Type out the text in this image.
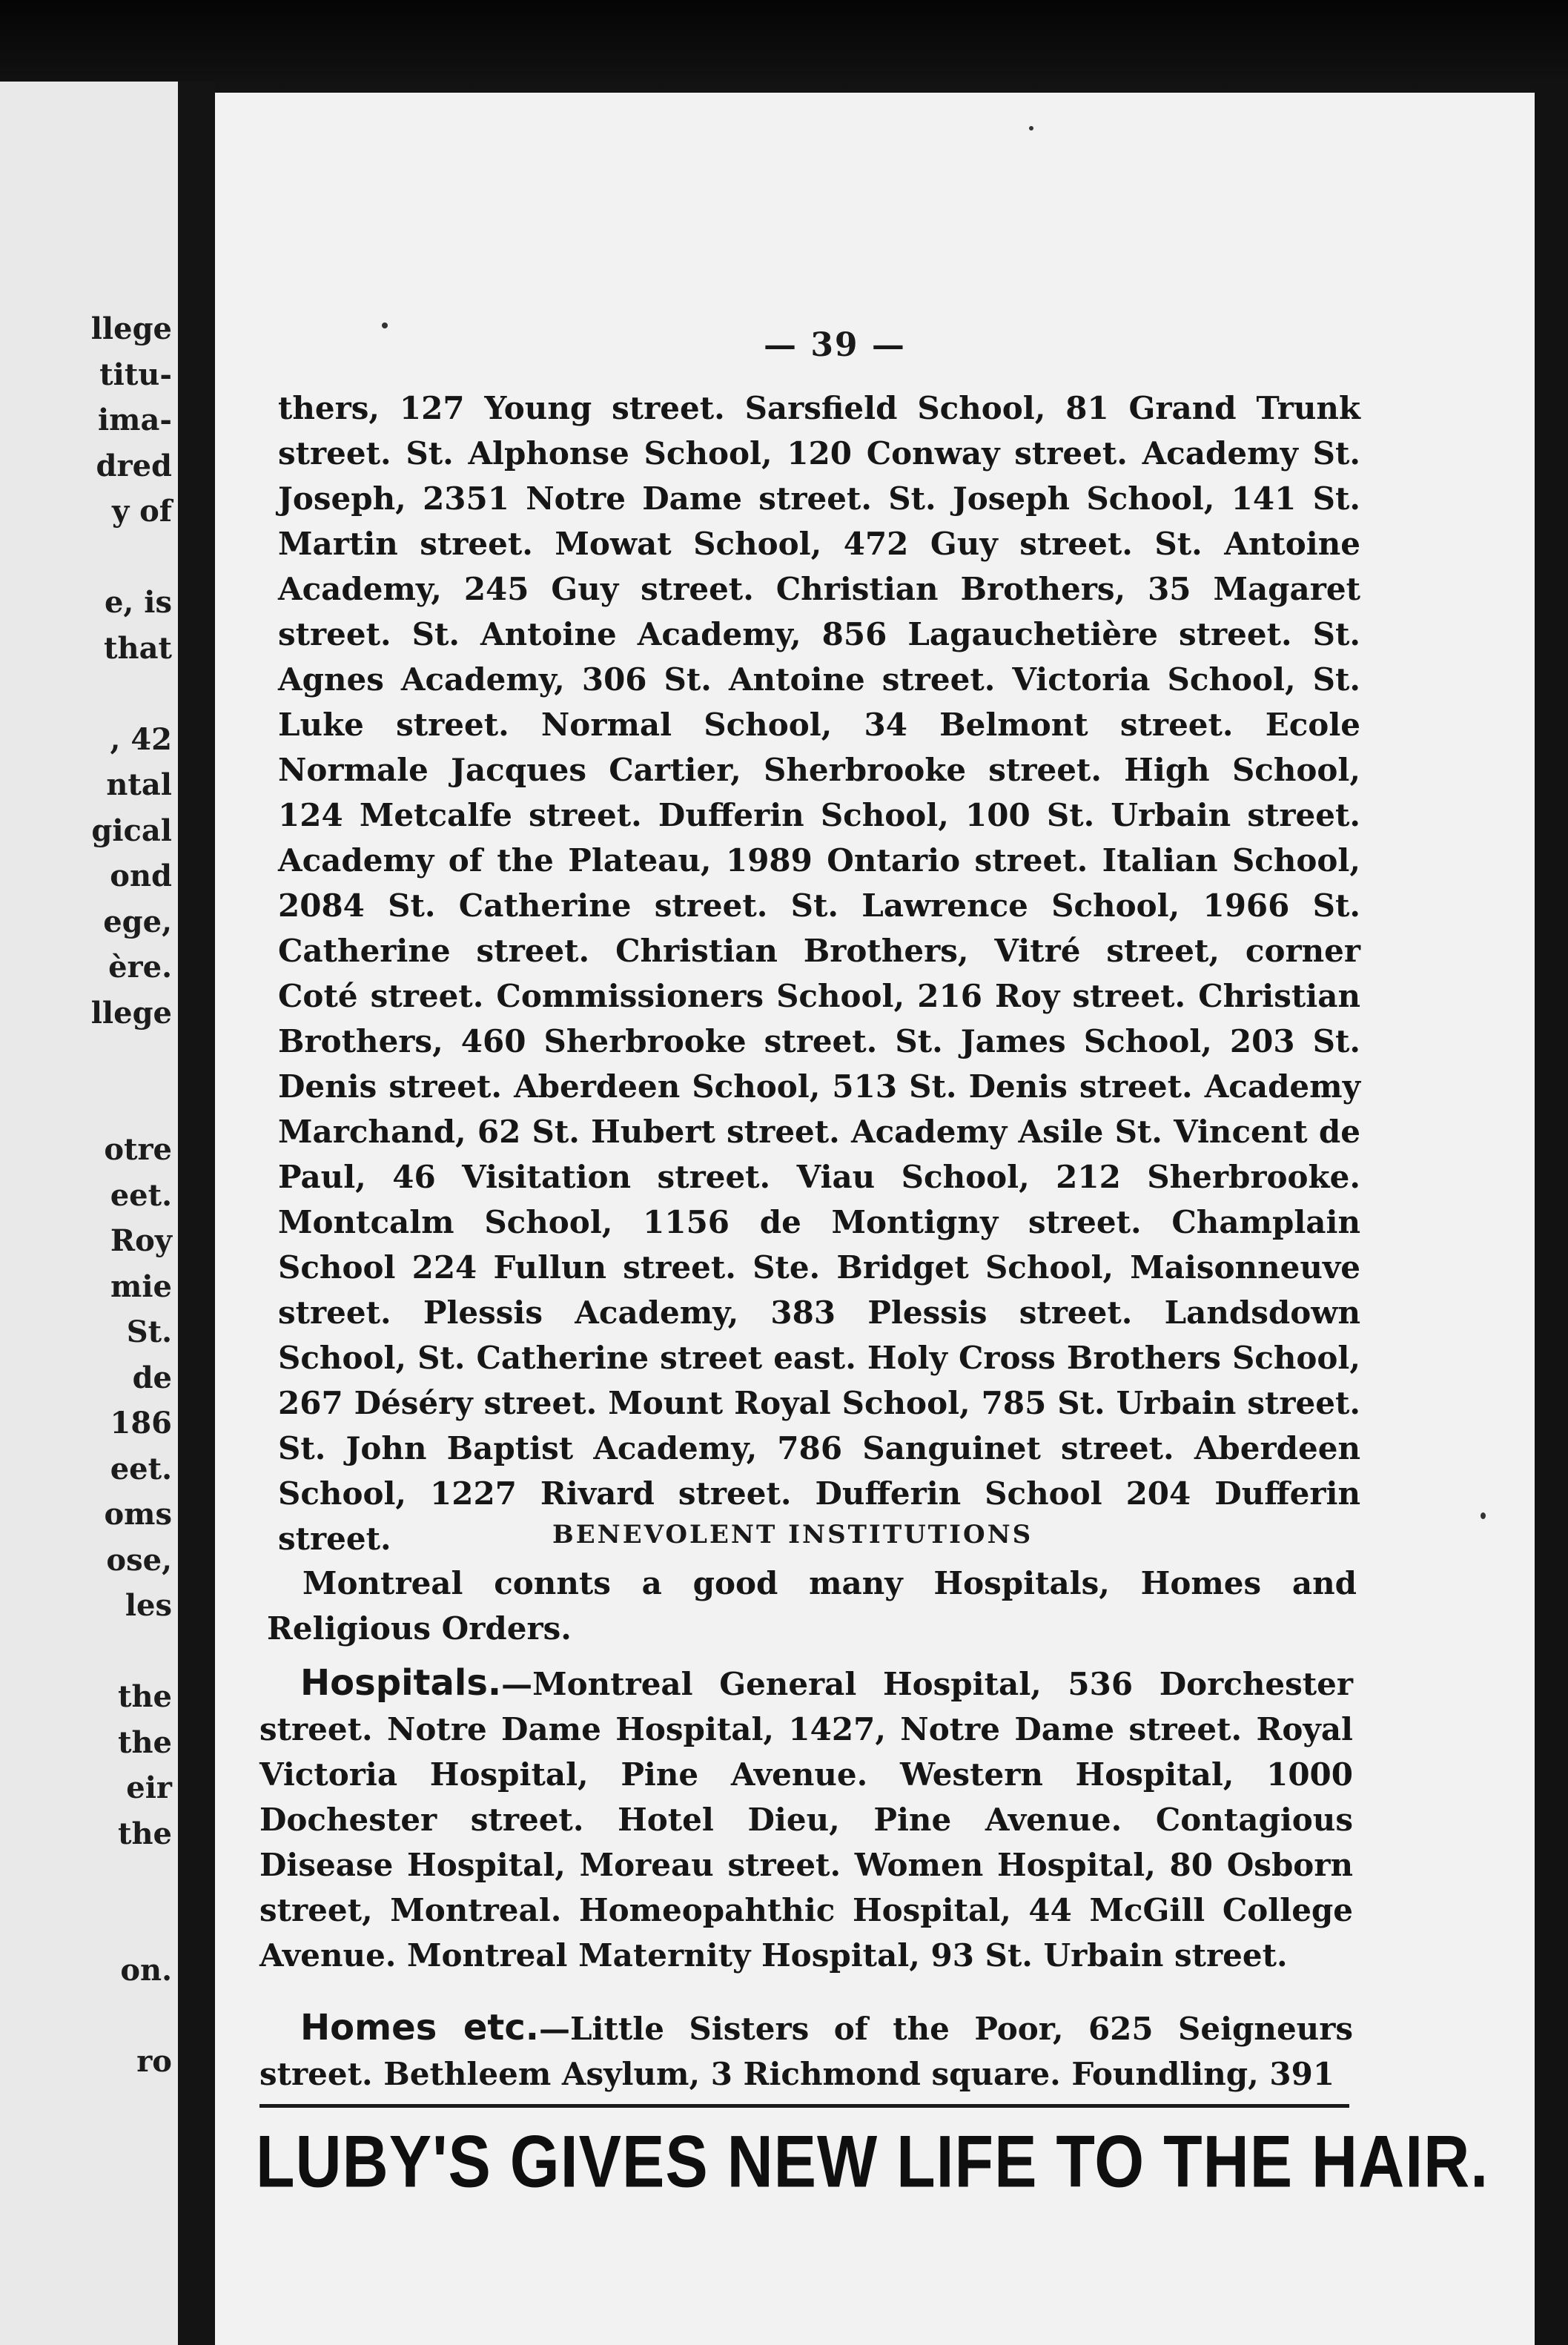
llege
titu-
ima-
dred
y of
e, is
that
, 42
ntal
gical
ond
ege,
ère.
llege
otre
eet.
Roy
mie
St.
de
186
eet.
oms
ose,
les
the
the
eir
the
on.
ro
— 39 —

thers, 127 Young street. Sarsfield School, 81 Grand Trunk street. St. Alphonse School, 120 Conway street. Academy St. Joseph, 2351 Notre Dame street. St. Joseph School, 141 St. Martin street. Mowat School, 472 Guy street. St. Antoine Academy, 245 Guy street. Christian Brothers, 35 Magaret street. St. Antoine Academy, 856 Lagauchetière street. St. Agnes Academy, 306 St. Antoine street. Victoria School, St. Luke street. Normal School, 34 Belmont street. Ecole Normale Jacques Cartier, Sherbrooke street. High School, 124 Metcalfe street. Dufferin School, 100 St. Urbain street. Academy of the Plateau, 1989 Ontario street. Italian School, 2084 St. Catherine street. St. Lawrence School, 1966 St. Catherine street. Christian Brothers, Vitré street, corner Coté street. Commissioners School, 216 Roy street. Christian Brothers, 460 Sherbrooke street. St. James School, 203 St. Denis street. Aberdeen School, 513 St. Denis street. Academy Marchand, 62 St. Hubert street. Academy Asile St. Vincent de Paul, 46 Visitation street. Viau School, 212 Sherbrooke. Montcalm School, 1156 de Montigny street. Champlain School 224 Fullun street. Ste. Bridget School, Maisonneuve street. Plessis Academy, 383 Plessis street. Landsdown School, St. Catherine street east. Holy Cross Brothers School, 267 Déséry street. Mount Royal School, 785 St. Urbain street. St. John Baptist Academy, 786 Sanguinet street. Aberdeen School, 1227 Rivard street. Dufferin School 204 Dufferin street.	BENEVOLENT INSTITUTIONS

Montreal connts a good many Hospitals, Homes and Religious Orders.

Hospitals.—Montreal General Hospital, 536 Dorchester street. Notre Dame Hospital, 1427, Notre Dame street. Royal Victoria Hospital, Pine Avenue. Western Hospital, 1000 Dochester street. Hotel Dieu, Pine Avenue. Contagious Disease Hospital, Moreau street. Women Hospital, 80 Osborn street, Montreal. Homeopahthic Hospital, 44 McGill College Avenue. Montreal Maternity Hospital, 93 St. Urbain street.

Homes etc.—Little Sisters of the Poor, 625 Seigneurs street. Bethleem Asylum, 3 Richmond square. Foundling, 391

LUBY'S GIVES NEW LIFE TO THE HAIR.
